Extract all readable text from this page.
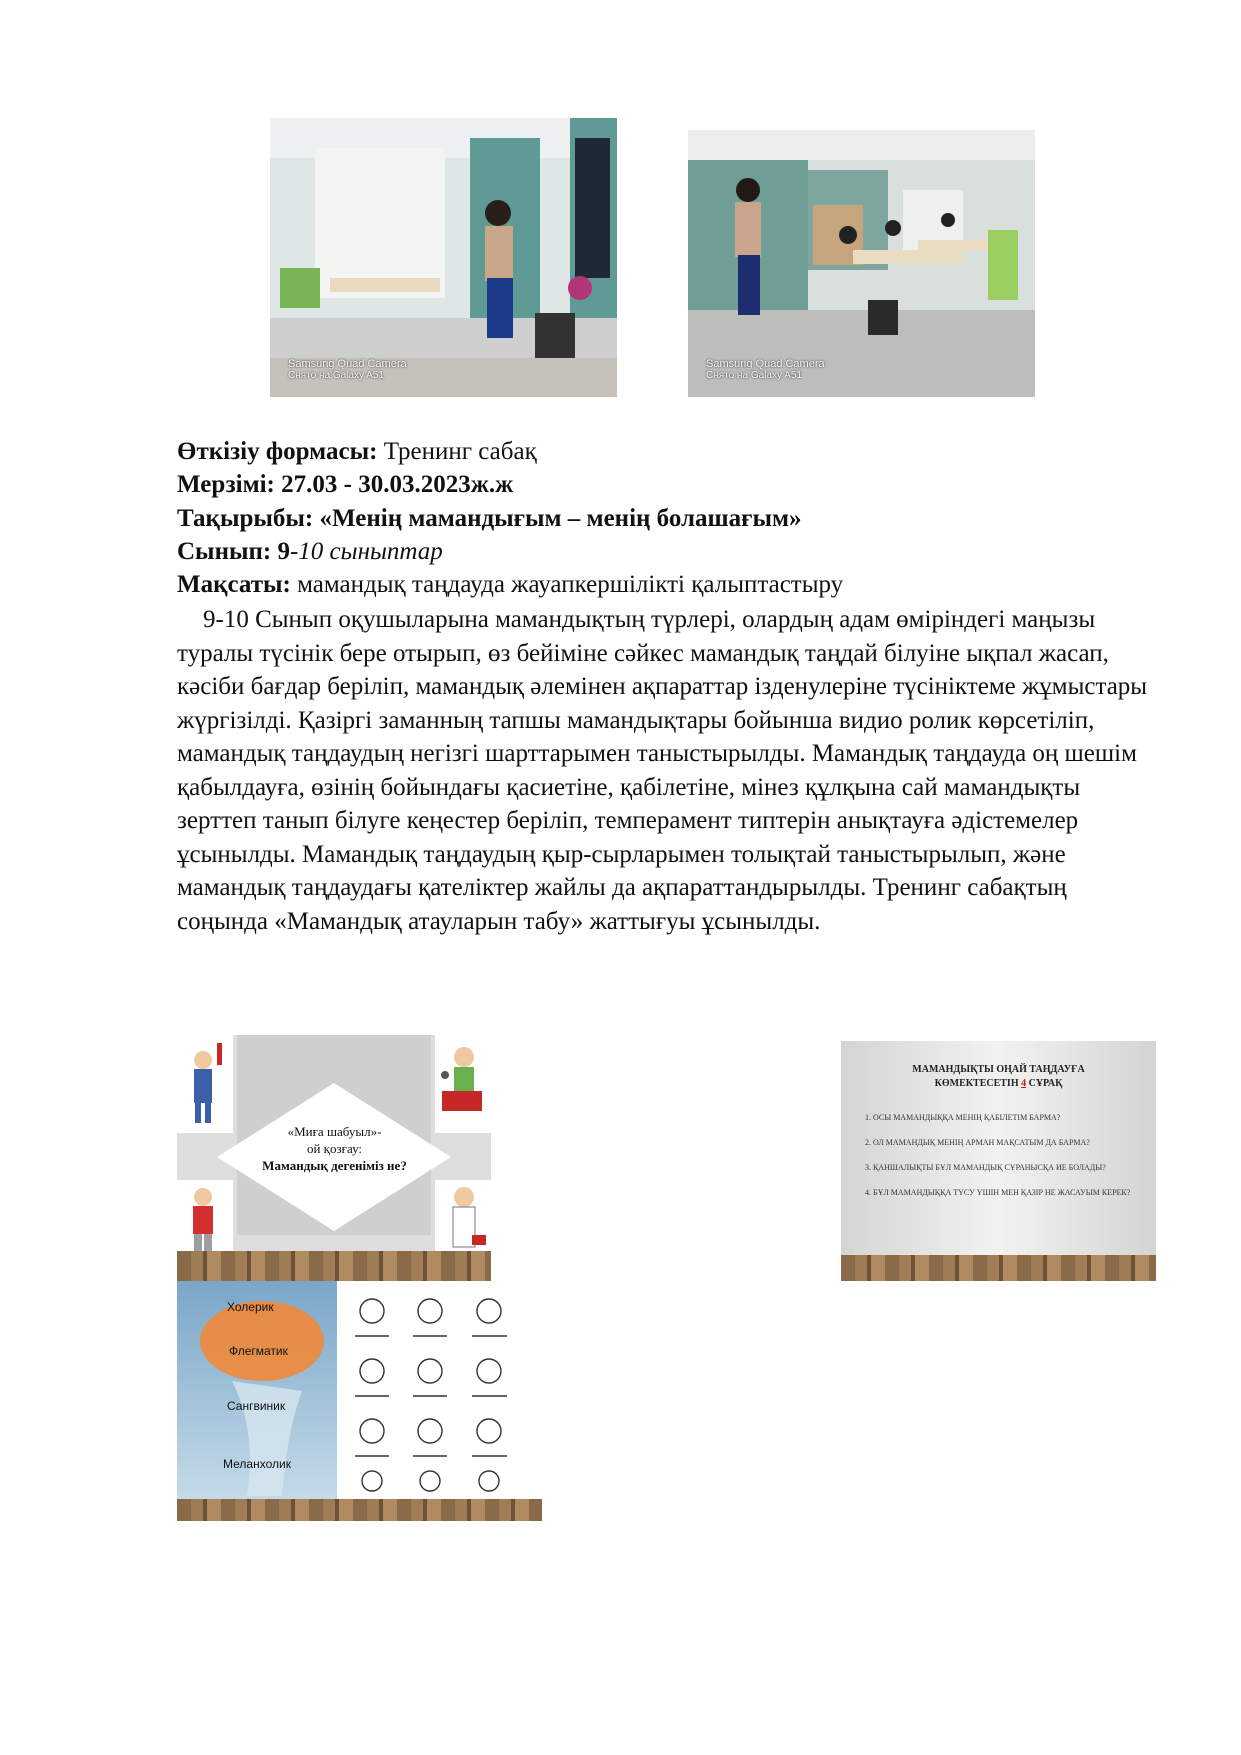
Samsung Quad Camera
Снято на Galaxy A51
Samsung Quad Camera
Снято на Galaxy A51
Өткізіу формасы: Тренинг сабақ
Мерзімі: 27.03 - 30.03.2023ж.ж
Тақырыбы: «Менің мамандығым – менің болашағым»
Сынып: 9-10 сыныптар
Мақсаты: мамандық таңдауда жауапкершілікті қалыптастыру

9-10 Сынып оқушыларына мамандықтың түрлері, олардың адам өміріндегі маңызы туралы түсінік бере отырып, өз бейіміне сәйкес мамандық таңдай білуіне ықпал жасап, кәсіби бағдар беріліп, мамандық әлемінен ақпараттар ізденулеріне түсініктеме жұмыстары жүргізілді. Қазіргі заманның тапшы мамандықтары бойынша видио ролик көрсетіліп, мамандық таңдаудың негізгі шарттарымен таныстырылды. Мамандық таңдауда оң шешім қабылдауға, өзінің бойындағы қасиетіне, қабілетіне, мінез құлқына сай мамандықты зерттеп танып білуге кеңестер беріліп, темперамент типтерін анықтауға әдістемелер ұсынылды. Мамандық таңдаудың қыр-сырларымен толықтай таныстырылып, және мамандық таңдаудағы қателіктер жайлы да ақпараттандырылды. Тренинг сабақтың соңында «Мамандық атауларын табу» жаттығуы ұсынылды.

«Миға шабуыл»-
ой қозғау:
Мамандық дегеніміз не?
Холерик
Флегматик
Сангвиник
Меланхолик
МАМАНДЫҚТЫ ОҢАЙ ТАҢДАУҒА
КӨМЕКТЕСЕТІН 4 СҰРАҚ
1. ОСЫ МАМАНДЫҚҚА МЕНІҢ ҚАБІЛЕТІМ БАРМА?
2. ОЛ МАМАНДЫҚ МЕНІҢ АРМАН МАҚСАТЫМ ДА БАРМА?
3. ҚАНШАЛЫҚТЫ БҰЛ МАМАНДЫҚ СҰРАНЫСҚА ИЕ БОЛАДЫ?
4. БҰЛ МАМАНДЫҚҚА ТҮСУ ҮШІН МЕН ҚАЗІР НЕ ЖАСАУЫМ КЕРЕК?
